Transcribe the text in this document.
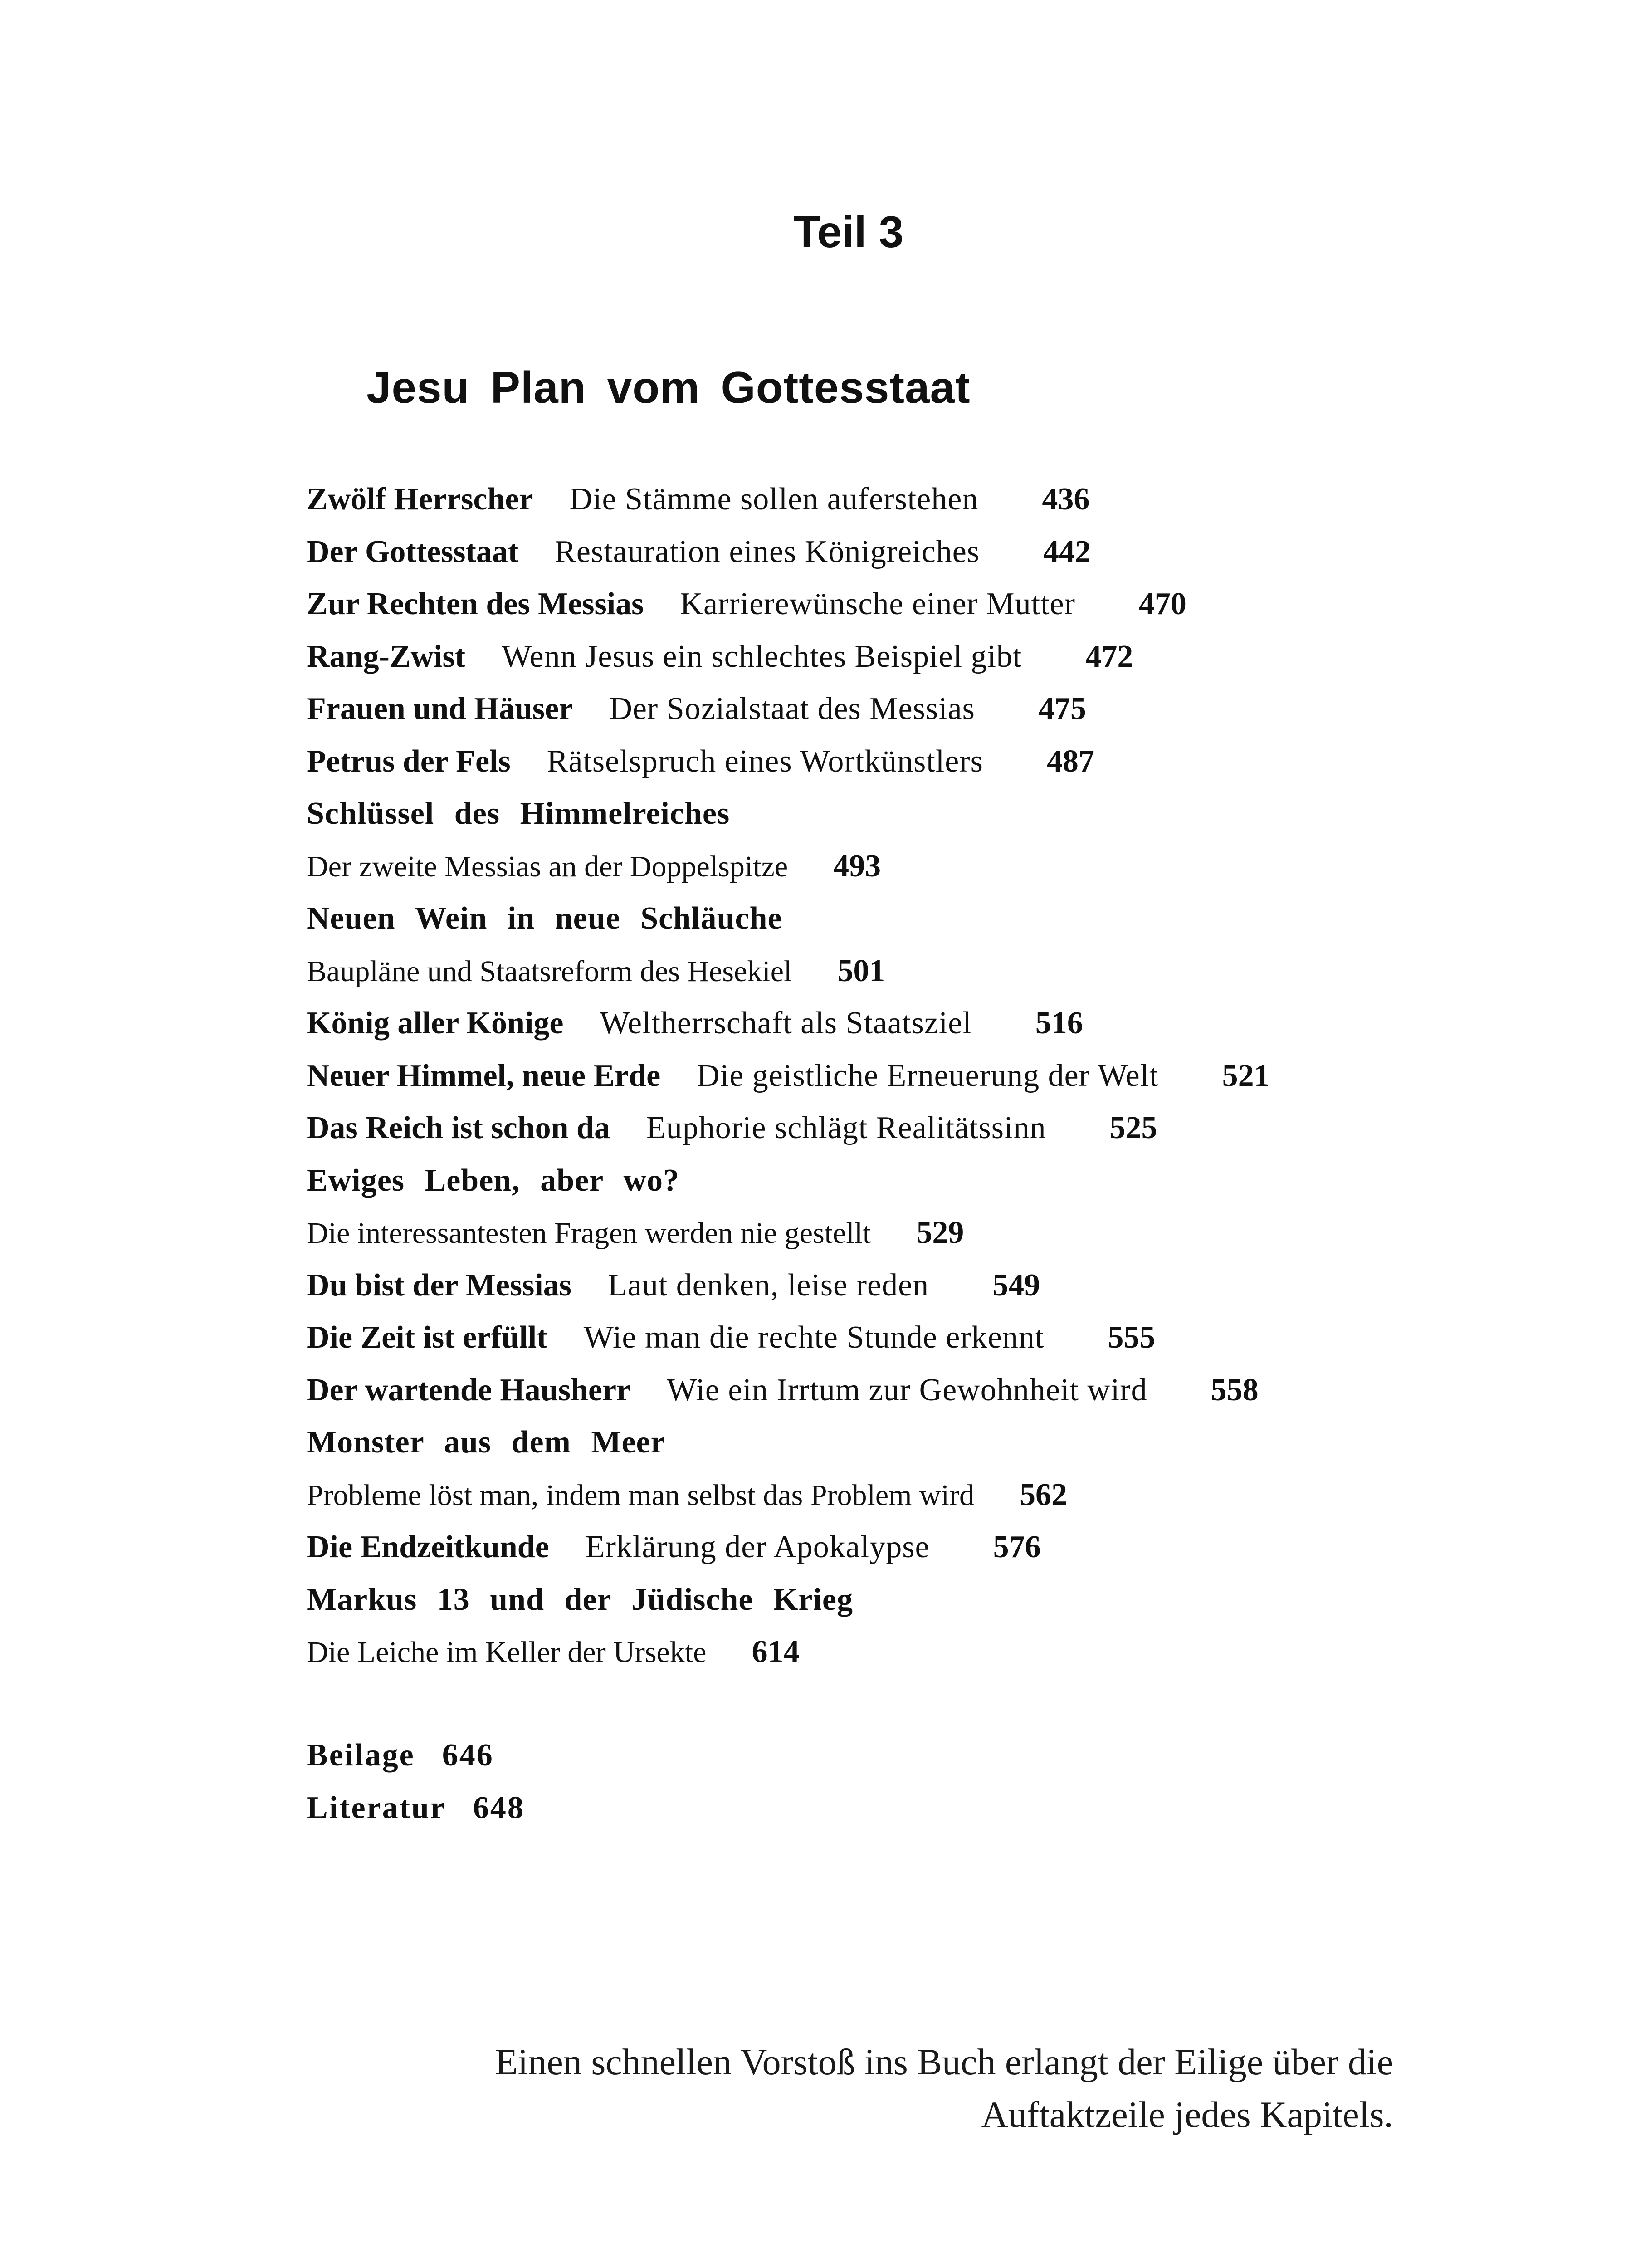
Teil 3
Jesu Plan vom Gottesstaat
Zwölf Herrscher Die Stämme sollen auferstehen 436
Der Gottesstaat Restauration eines Königreiches 442
Zur Rechten des Messias Karrierewünsche einer Mutter 470
Rang-Zwist Wenn Jesus ein schlechtes Beispiel gibt 472
Frauen und Häuser Der Sozialstaat des Messias 475
Petrus der Fels Rätselspruch eines Wortkünstlers 487
Schlüssel des Himmelreiches
Der zweite Messias an der Doppelspitze 493
Neuen Wein in neue Schläuche
Baupläne und Staatsreform des Hesekiel 501
König aller Könige Weltherrschaft als Staatsziel 516
Neuer Himmel, neue Erde Die geistliche Erneuerung der Welt 521
Das Reich ist schon da Euphorie schlägt Realitätssinn 525
Ewiges Leben, aber wo?
Die interessantesten Fragen werden nie gestellt 529
Du bist der Messias Laut denken, leise reden 549
Die Zeit ist erfüllt Wie man die rechte Stunde erkennt 555
Der wartende Hausherr Wie ein Irrtum zur Gewohnheit wird 558
Monster aus dem Meer
Probleme löst man, indem man selbst das Problem wird 562
Die Endzeitkunde Erklärung der Apokalypse 576
Markus 13 und der Jüdische Krieg
Die Leiche im Keller der Ursekte 614
Beilage 646
Literatur 648
Einen schnellen Vorstoß ins Buch erlangt der Eilige über die
Auftaktzeile jedes Kapitels.
